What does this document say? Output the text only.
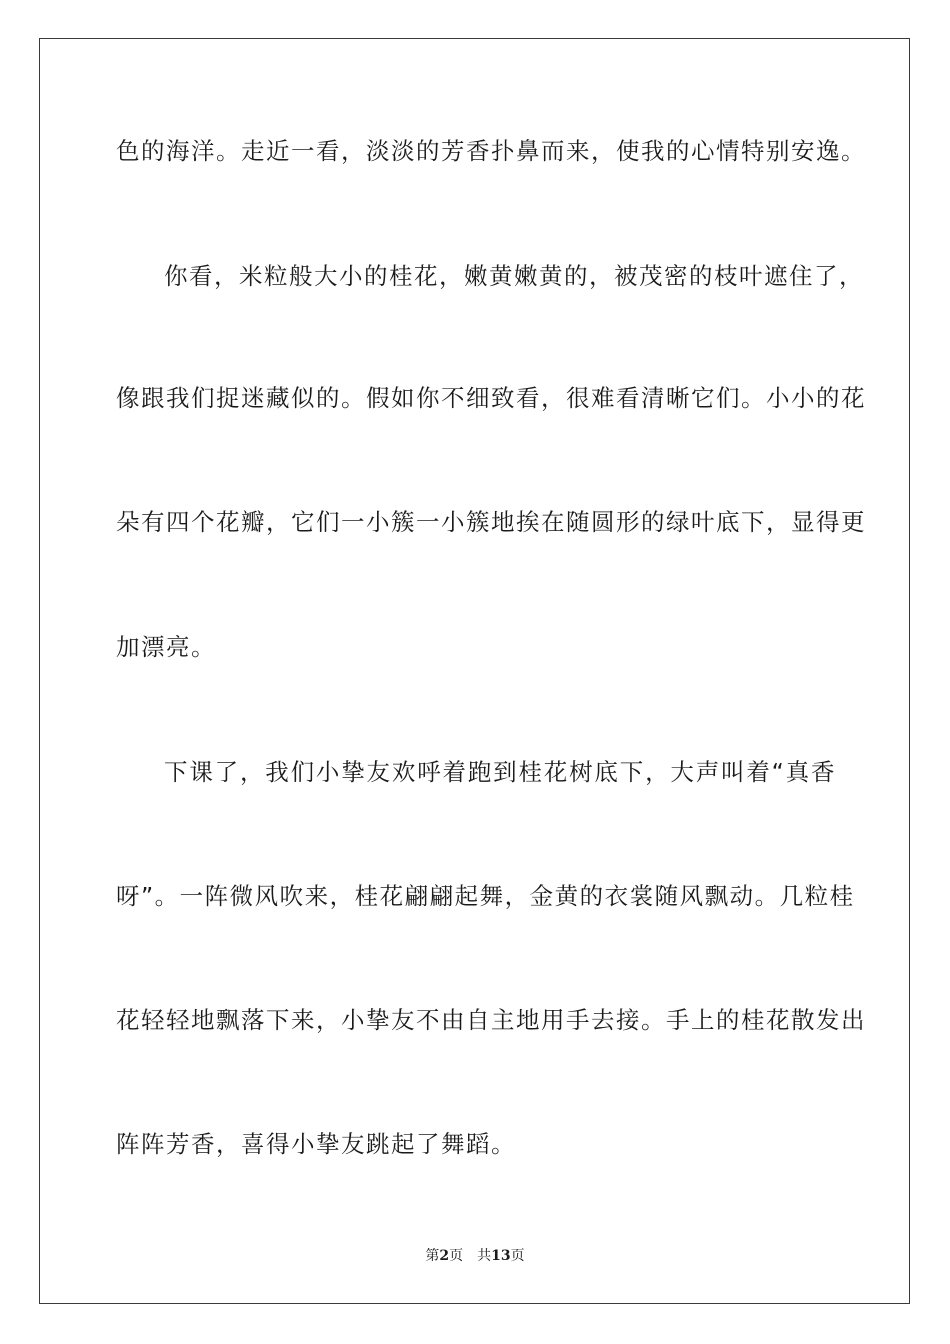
色的海洋。走近一看，淡淡的芳香扑鼻而来，使我的心情特别安逸。
你看，米粒般大小的桂花，嫩黄嫩黄的，被茂密的枝叶遮住了，
像跟我们捉迷藏似的。假如你不细致看，很难看清晰它们。小小的花
朵有四个花瓣，它们一小簇一小簇地挨在随圆形的绿叶底下，显得更
加漂亮。
下课了，我们小挚友欢呼着跑到桂花树底下，大声叫着“真香
呀”。一阵微风吹来，桂花翩翩起舞，金黄的衣裳随风飘动。几粒桂
花轻轻地飘落下来，小挚友不由自主地用手去接。手上的桂花散发出
阵阵芳香，喜得小挚友跳起了舞蹈。
第2页 共13页
